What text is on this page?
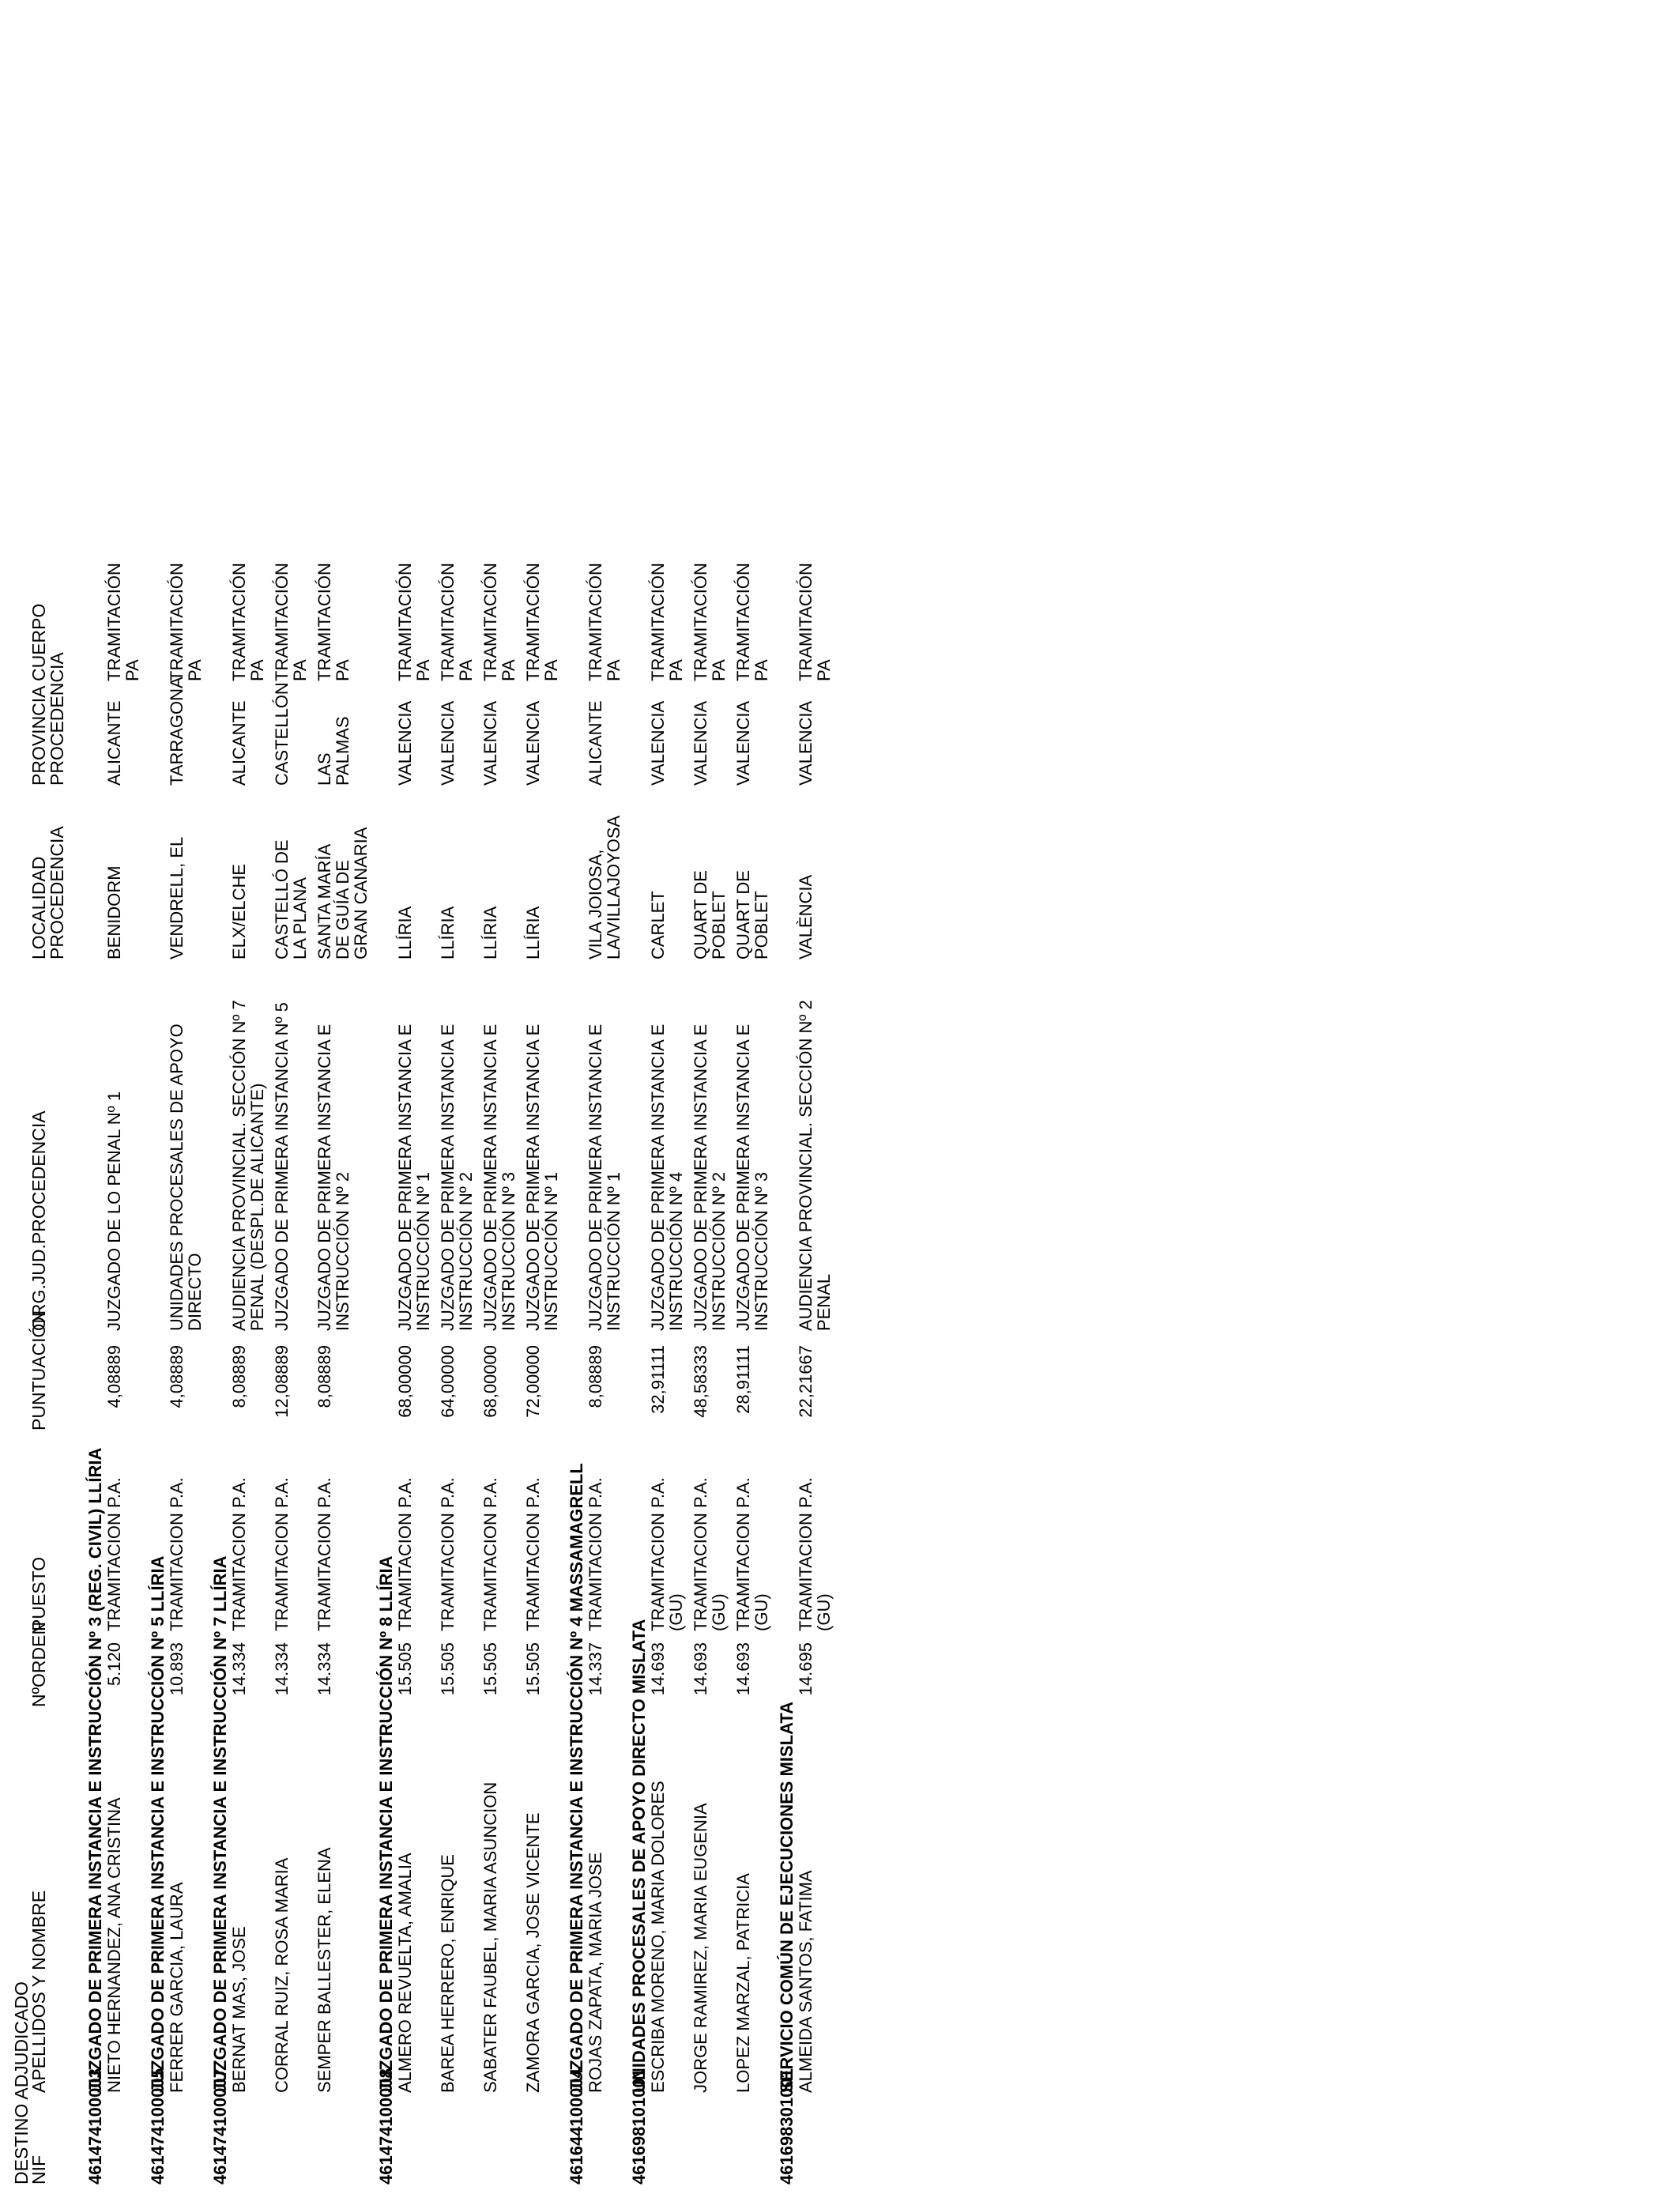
DESTINO ADJUDICADO
NIF
APELLIDOS Y NOMBRE
NºORDEN
PUESTO
PUNTUACIÓN
ORG.JUD.PROCEDENCIA
LOCALIDAD PROCEDENCIA
PROVINCIA PROCEDENCIA
CUERPO
461474100003
JUZGADO DE PRIMERA INSTANCIA E INSTRUCCIÓN Nº 3 (REG. CIVIL) LLÍRIA NIETO HERNANDEZ, ANA CRISTINA
5.120
TRAMITACION P.A.
4,08889
JUZGADO DE LO PENAL Nº 1
BENIDORM
ALICANTE
TRAMITACIÓN PA
461474100005
JUZGADO DE PRIMERA INSTANCIA E INSTRUCCIÓN Nº 5 LLÍRIA FERRER GARCIA, LAURA
10.893
TRAMITACION P.A.
4,08889
UNIDADES PROCESALES DE APOYO DIRECTO
VENDRELL, EL
TARRAGONA
TRAMITACIÓN PA
461474100007
JUZGADO DE PRIMERA INSTANCIA E INSTRUCCIÓN Nº 7 LLÍRIA BERNAT MAS, JOSE
14.334
TRAMITACION P.A.
8,08889
AUDIENCIA PROVINCIAL. SECCIÓN Nº 7 PENAL (DESPL.DE ALICANTE)
ELX/ELCHE
ALICANTE
TRAMITACIÓN PA
CORRAL RUIZ, ROSA MARIA
14.334
TRAMITACION P.A.
12,08889
JUZGADO DE PRIMERA INSTANCIA Nº 5
CASTELLÓ DE LA PLANA
CASTELLÓN
TRAMITACIÓN PA
SEMPER BALLESTER, ELENA
14.334
TRAMITACION P.A.
8,08889
JUZGADO DE PRIMERA INSTANCIA E INSTRUCCIÓN Nº 2
SANTA MARÍA DE GUÍA DE GRAN CANARIA
LAS PALMAS
TRAMITACIÓN PA
461474100008
JUZGADO DE PRIMERA INSTANCIA E INSTRUCCIÓN Nº 8 LLÍRIA ALMERO REVUELTA, AMALIA
15.505
TRAMITACION P.A.
68,00000
JUZGADO DE PRIMERA INSTANCIA E INSTRUCCIÓN Nº 1
LLÍRIA
VALENCIA
TRAMITACIÓN PA
BAREA HERRERO, ENRIQUE
15.505
TRAMITACION P.A.
64,00000
JUZGADO DE PRIMERA INSTANCIA E INSTRUCCIÓN Nº 2
LLÍRIA
VALENCIA
TRAMITACIÓN PA
SABATER FAUBEL, MARIA ASUNCION
15.505
TRAMITACION P.A.
68,00000
JUZGADO DE PRIMERA INSTANCIA E INSTRUCCIÓN Nº 3
LLÍRIA
VALENCIA
TRAMITACIÓN PA
ZAMORA GARCIA, JOSE VICENTE
15.505
TRAMITACION P.A.
72,00000
JUZGADO DE PRIMERA INSTANCIA E INSTRUCCIÓN Nº 1
LLÍRIA
VALENCIA
TRAMITACIÓN PA
461644100004
JUZGADO DE PRIMERA INSTANCIA E INSTRUCCIÓN Nº 4 MASSAMAGRELL ROJAS ZAPATA, MARIA JOSE
14.337
TRAMITACION P.A.
8,08889
JUZGADO DE PRIMERA INSTANCIA E INSTRUCCIÓN Nº 1
VILA JOIOSA, LA/VILLAJOYOSA
ALICANTE
TRAMITACIÓN PA
461698101001
UNIDADES PROCESALES DE APOYO DIRECTO MISLATA ESCRIBA MORENO, MARIA DOLORES
14.693
TRAMITACION P.A. (GU)
32,91111
JUZGADO DE PRIMERA INSTANCIA E INSTRUCCIÓN Nº 4
CARLET
VALENCIA
TRAMITACIÓN PA
JORGE RAMIREZ, MARIA EUGENIA
14.693
TRAMITACION P.A. (GU)
48,58333
JUZGADO DE PRIMERA INSTANCIA E INSTRUCCIÓN Nº 2
QUART DE POBLET
VALENCIA
TRAMITACIÓN PA
LOPEZ MARZAL, PATRICIA
14.693
TRAMITACION P.A. (GU)
28,91111
JUZGADO DE PRIMERA INSTANCIA E INSTRUCCIÓN Nº 3
QUART DE POBLET
VALENCIA
TRAMITACIÓN PA
461698301001
SERVICIO COMÚN DE EJECUCIONES MISLATA ALMEIDA SANTOS, FATIMA
14.695
TRAMITACION P.A. (GU)
22,21667
AUDIENCIA PROVINCIAL. SECCIÓN Nº 2 PENAL
VALÈNCIA
VALENCIA
TRAMITACIÓN PA
